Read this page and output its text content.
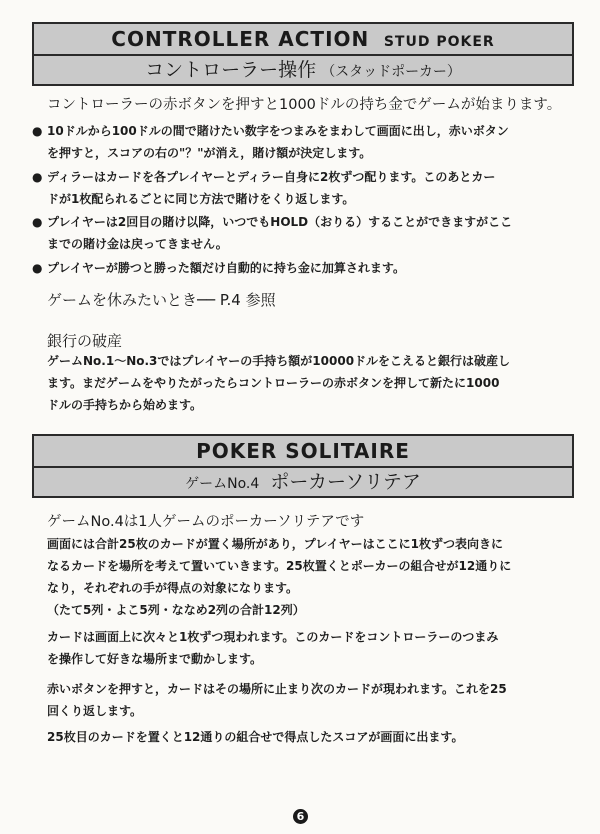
CONTROLLER ACTION STUD POKER
コントローラー操作 （スタッドポーカー）
コントローラーの赤ボタンを押すと1000ドルの持ち金でゲームが始まります。
● 10ドルから100ドルの間で賭けたい数字をつまみをまわして画面に出し，赤いボタン
を押すと，スコアの右の"？"が消え，賭け額が決定します。
● ディラーはカードを各プレイヤーとディラー自身に2枚ずつ配ります。このあとカー
ドが1枚配られるごとに同じ方法で賭けをくり返します。
● プレイヤーは2回目の賭け以降，いつでもHOLD（おりる）することができますがここ
までの賭け金は戻ってきません。
● プレイヤーが勝つと勝った額だけ自動的に持ち金に加算されます。
ゲームを休みたいとき── P.4 参照
銀行の破産
ゲームNo.1〜No.3ではプレイヤーの手持ち額が10000ドルをこえると銀行は破産し
ます。まだゲームをやりたがったらコントローラーの赤ボタンを押して新たに1000
ドルの手持ちから始めます。
POKER SOLITAIRE
ゲームNo.4 ポーカーソリテア
ゲームNo.4は1人ゲームのポーカーソリテアです
画面には合計25枚のカードが置く場所があり，プレイヤーはここに1枚ずつ表向きに
なるカードを場所を考えて置いていきます。25枚置くとポーカーの組合せが12通りに
なり，それぞれの手が得点の対象になります。
（たて5列・よこ5列・ななめ2列の合計12列）
カードは画面上に次々と1枚ずつ現われます。このカードをコントローラーのつまみ
を操作して好きな場所まで動かします。
赤いボタンを押すと，カードはその場所に止まり次のカードが現われます。これを25
回くり返します。
25枚目のカードを置くと12通りの組合せで得点したスコアが画面に出ます。
6
